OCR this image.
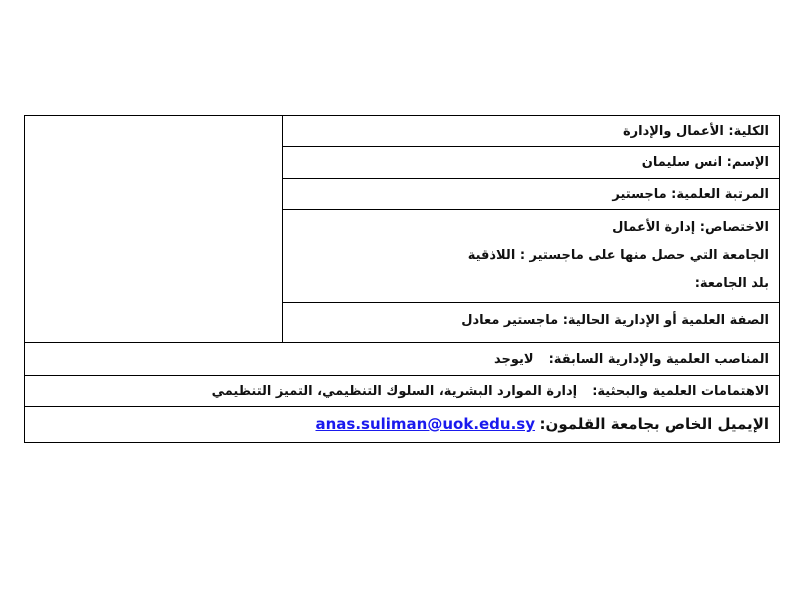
الكلية: الأعمال والإدارة
الإسم: انس سليمان
المرتبة العلمية: ماجستير
الاختصاص: إدارة الأعمال
الجامعة التي حصل منها على ماجستير : اللاذقية
بلد الجامعة:
الصفة العلمية أو الإدارية الحالية: ماجستير معادل
المناصب العلمية والإدارية السابقة:  لايوجد
الاهتمامات العلمية والبحثية:  إدارة الموارد البشرية، السلوك التنظيمي، التميز التنظيمي
الإيميل الخاص بجامعة القلمون: anas.suliman@uok.edu.sy
